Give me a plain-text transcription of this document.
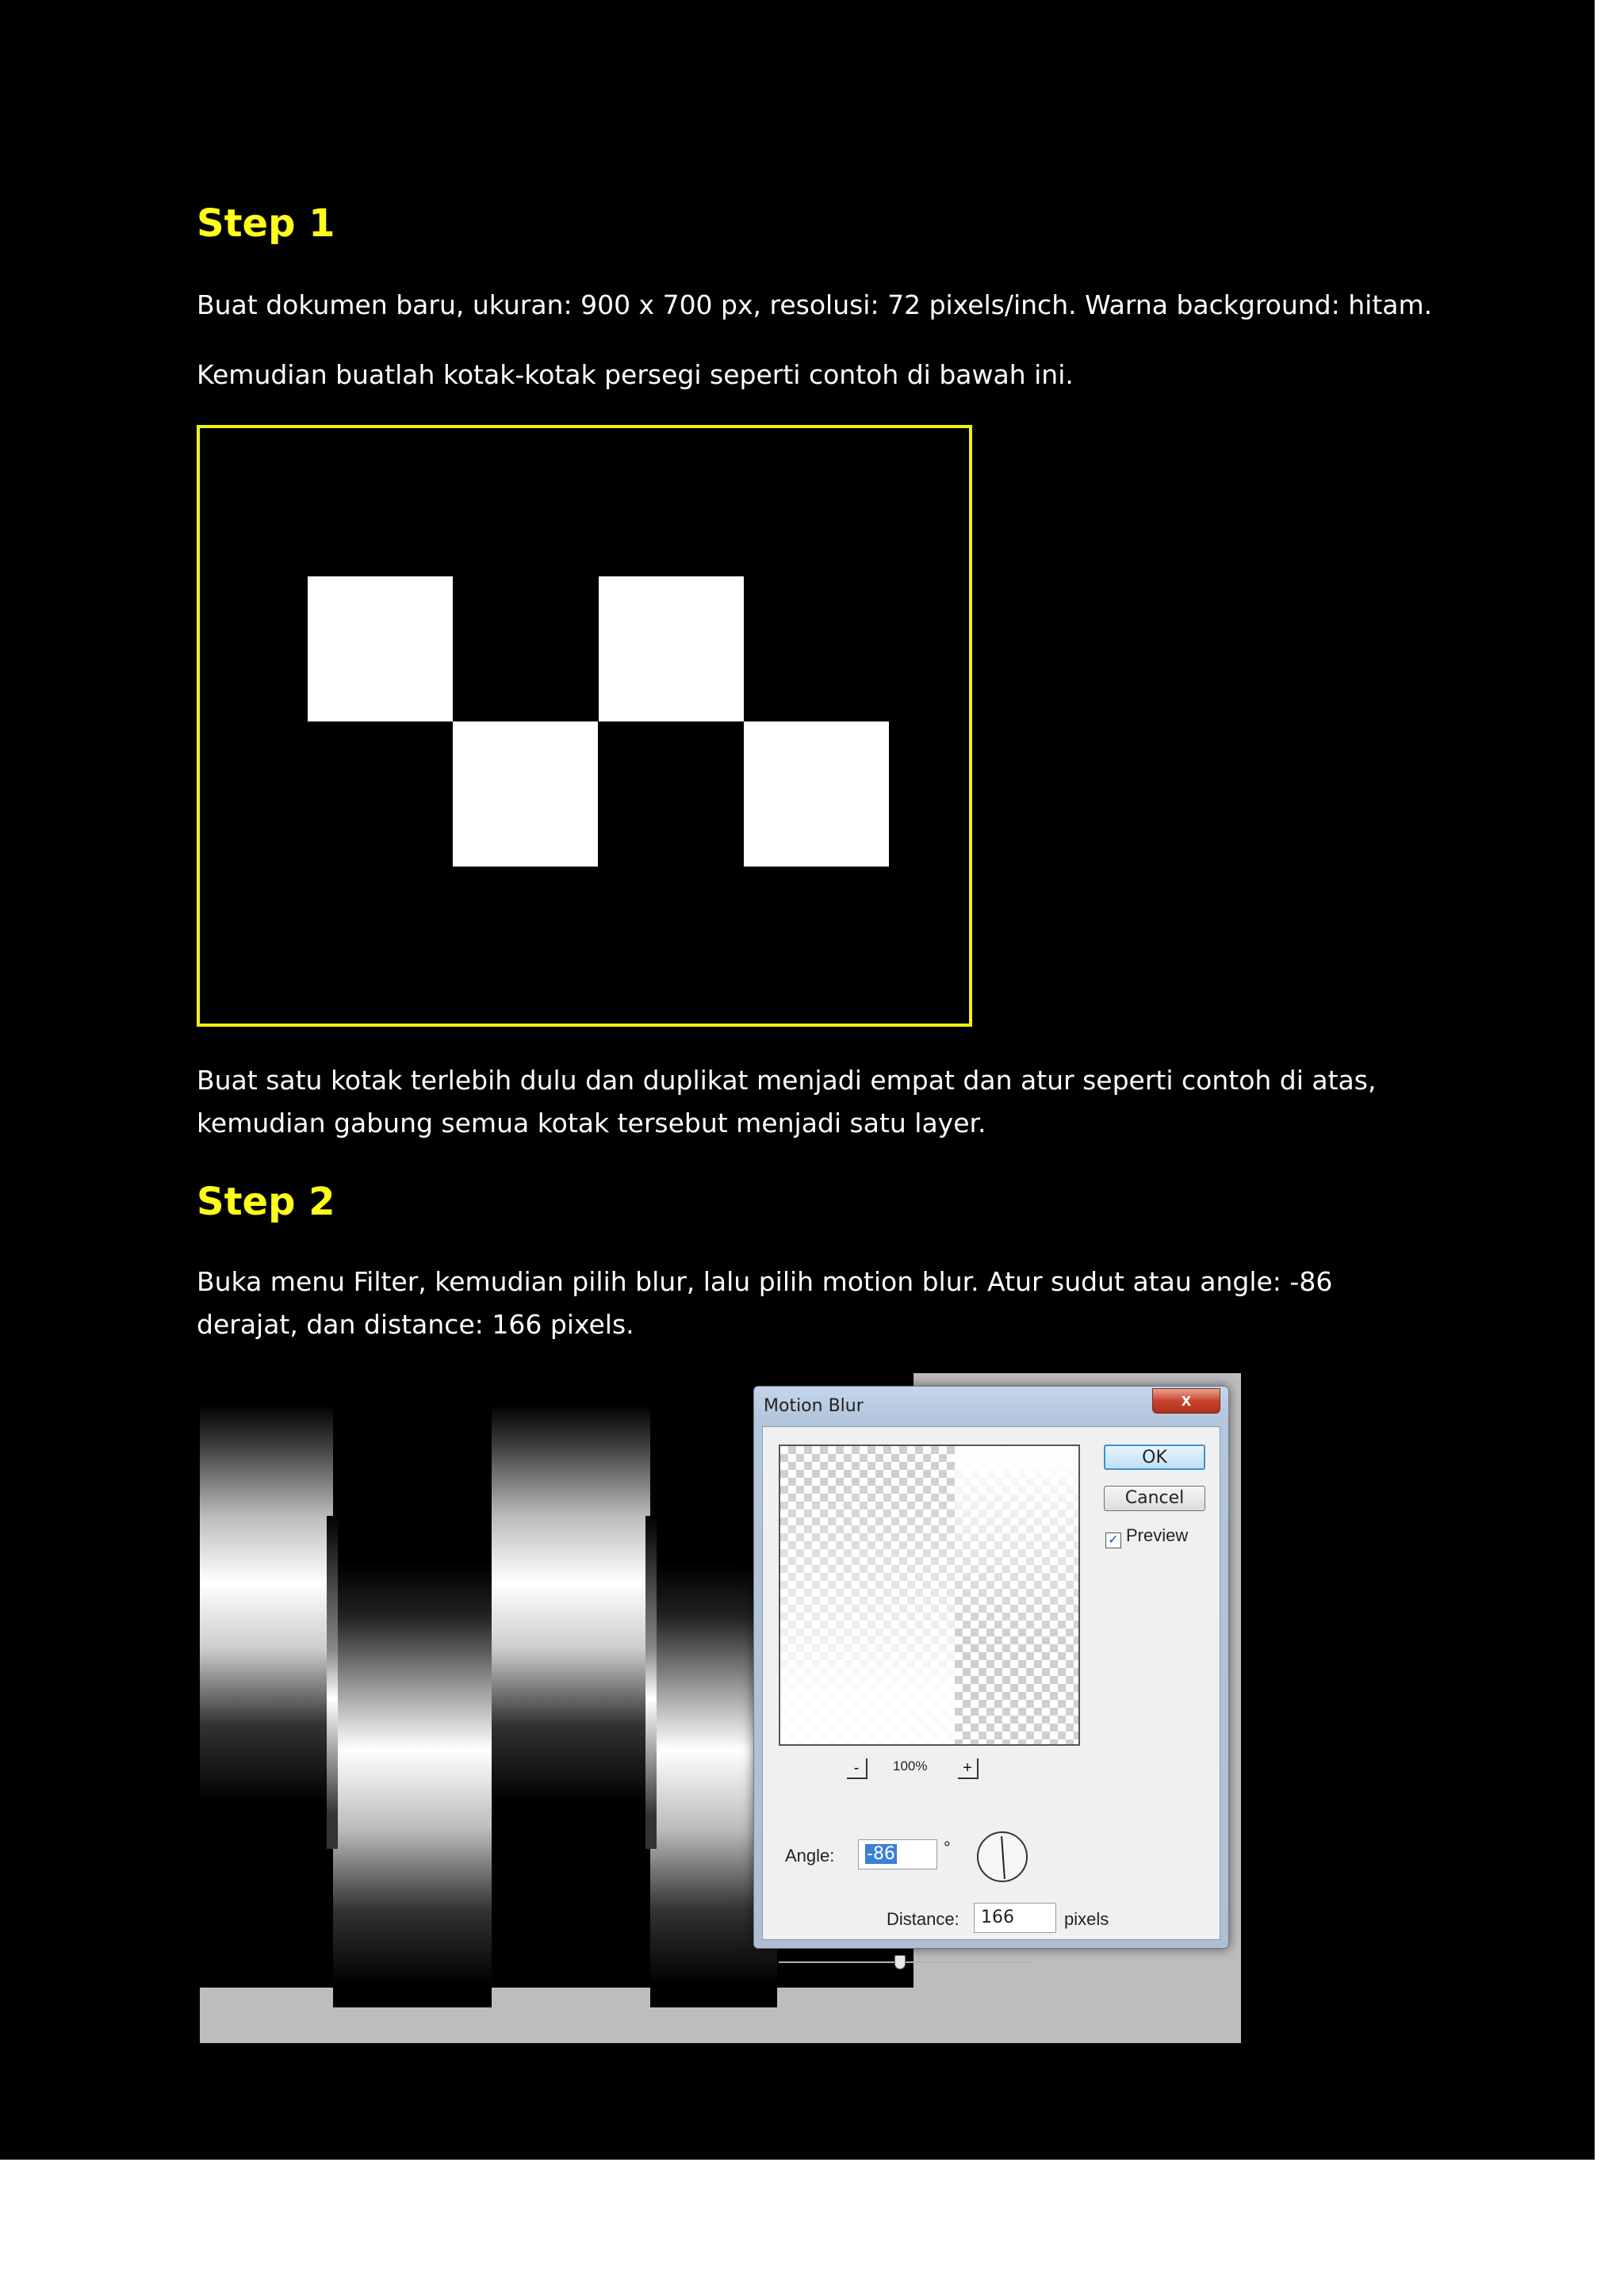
Step 1

Buat dokumen baru, ukuran: 900 x 700 px, resolusi: 72 pixels/inch. Warna background: hitam.

Kemudian buatlah kotak-kotak persegi seperti contoh di bawah ini.

Buat satu kotak terlebih dulu dan duplikat menjadi empat dan atur seperti contoh di atas, kemudian gabung semua kotak tersebut menjadi satu layer.

Step 2

Buka menu Filter, kemudian pilih blur, lalu pilih motion blur. Atur sudut atau angle: -86 derajat, dan distance: 166 pixels.

Motion Blur	x
OK
Cancel
✓ Preview
-	100%	+
Angle:	-86	°
Distance:	166	pixels
